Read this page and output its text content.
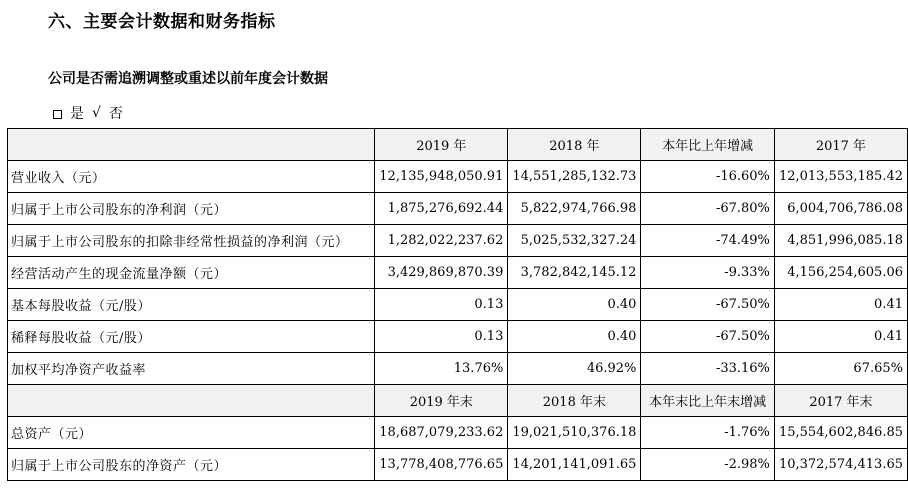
六、主要会计数据和财务指标
公司是否需追溯调整或重述以前年度会计数据
是 √ 否
	2019 年	2018 年	本年比上年增减	2017 年
营业收入（元）	12,135,948,050.91	14,551,285,132.73	-16.60%	12,013,553,185.42
归属于上市公司股东的净利润（元）	1,875,276,692.44	5,822,974,766.98	-67.80%	6,004,706,786.08
归属于上市公司股东的扣除非经常性损益的净利润（元）	1,282,022,237.62	5,025,532,327.24	-74.49%	4,851,996,085.18
经营活动产生的现金流量净额（元）	3,429,869,870.39	3,782,842,145.12	-9.33%	4,156,254,605.06
基本每股收益（元/股）	0.13	0.40	-67.50%	0.41
稀释每股收益（元/股）	0.13	0.40	-67.50%	0.41
加权平均净资产收益率	13.76%	46.92%	-33.16%	67.65%
	2019 年末	2018 年末	本年末比上年末增减	2017 年末
总资产（元）	18,687,079,233.62	19,021,510,376.18	-1.76%	15,554,602,846.85
归属于上市公司股东的净资产（元）	13,778,408,776.65	14,201,141,091.65	-2.98%	10,372,574,413.65
